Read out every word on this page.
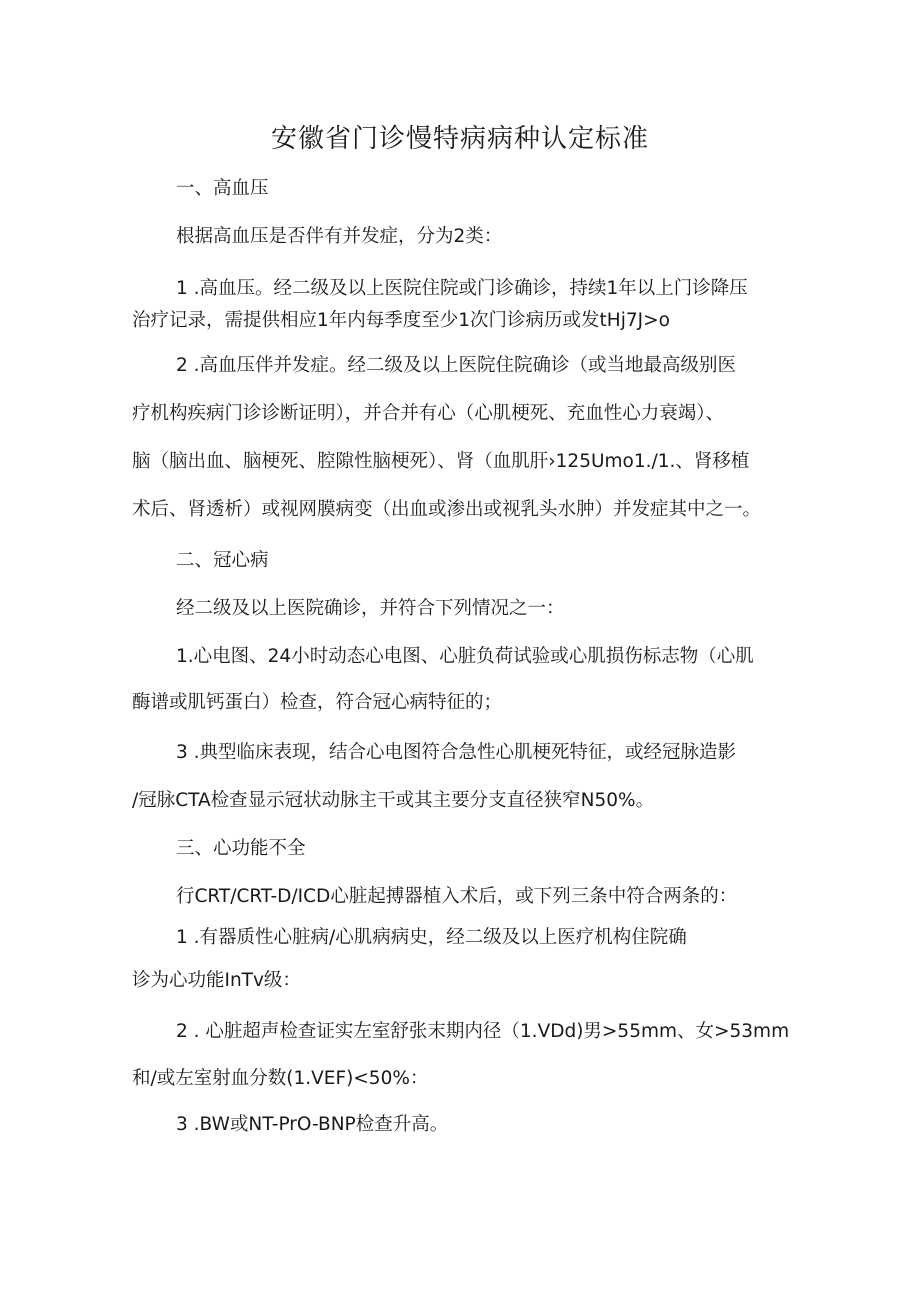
安徽省门诊慢特病病种认定标准
一、高血压
根据高血压是否伴有并发症，分为2类：
1 .高血压。经二级及以上医院住院或门诊确诊，持续1年以上门诊降压
治疗记录，需提供相应1年内每季度至少1次门诊病历或发tHj7J>o
2 .高血压伴并发症。经二级及以上医院住院确诊（或当地最高级别医
疗机构疾病门诊诊断证明），并合并有心（心肌梗死、充血性心力衰竭）、
脑（脑出血、脑梗死、腔隙性脑梗死）、肾（血肌肝›125Umo1./1.、肾移植
术后、肾透析）或视网膜病变（出血或渗出或视乳头水肿）并发症其中之一。
二、冠心病
经二级及以上医院确诊，并符合下列情况之一：
1.心电图、24小时动态心电图、心脏负荷试验或心肌损伤标志物（心肌
酶谱或肌钙蛋白）检查，符合冠心病特征的；
3 .典型临床表现，结合心电图符合急性心肌梗死特征，或经冠脉造影
/冠脉CTA检查显示冠状动脉主干或其主要分支直径狭窄N50%。
三、心功能不全
行CRT/CRT-D/ICD心脏起搏器植入术后，或下列三条中符合两条的：
1 .有器质性心脏病/心肌病病史，经二级及以上医疗机构住院确
诊为心功能InTv级：
2 . 心脏超声检查证实左室舒张末期内径（1.VDd)男>55mm、女>53mm
和/或左室射血分数(1.VEF)<50%：
3 .BW或NT-PrO-BNP检查升高。
